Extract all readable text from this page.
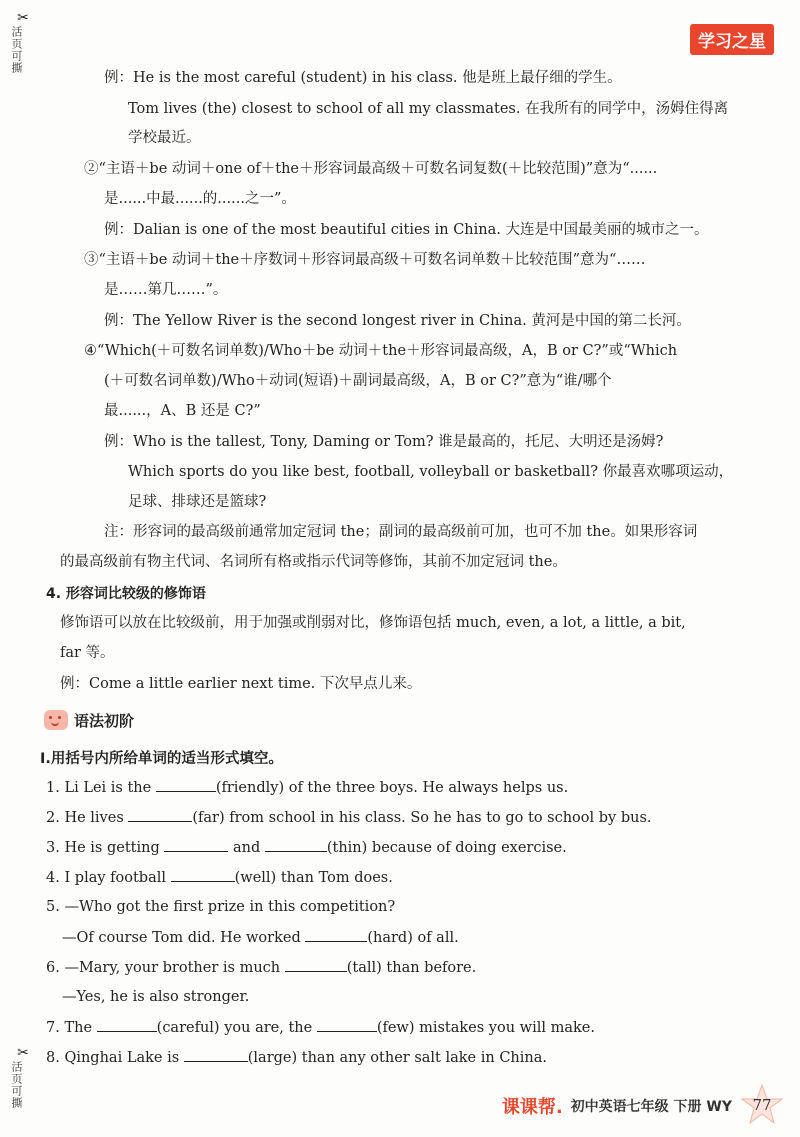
✂
活页可撕
✂
活页可撕
学习之星
例：He is the most careful (student) in his class. 他是班上最仔细的学生。
Tom lives (the) closest to school of all my classmates. 在我所有的同学中，汤姆住得离
学校最近。
②“主语＋be 动词＋one of＋the＋形容词最高级＋可数名词复数(＋比较范围)”意为“......
是......中最......的......之一”。
例：Dalian is one of the most beautiful cities in China. 大连是中国最美丽的城市之一。
③“主语＋be 动词＋the＋序数词＋形容词最高级＋可数名词单数＋比较范围”意为“……
是……第几……”。
例：The Yellow River is the second longest river in China. 黄河是中国的第二长河。
④“Which(＋可数名词单数)/Who＋be 动词＋the＋形容词最高级，A，B or C?”或“Which
(＋可数名词单数)/Who＋动词(短语)＋副词最高级，A，B or C?”意为“谁/哪个
最......，A、B 还是 C?”
例：Who is the tallest, Tony, Daming or Tom? 谁是最高的，托尼、大明还是汤姆?
Which sports do you like best, football, volleyball or basketball? 你最喜欢哪项运动，
足球、排球还是篮球?
注：形容词的最高级前通常加定冠词 the；副词的最高级前可加，也可不加 the。如果形容词
的最高级前有物主代词、名词所有格或指示代词等修饰，其前不加定冠词 the。
4. 形容词比较级的修饰语
修饰语可以放在比较级前，用于加强或削弱对比，修饰语包括 much, even, a lot, a little, a bit,
far 等。
例：Come a little earlier next time. 下次早点儿来。
语法初阶
Ⅰ.用括号内所给单词的适当形式填空。
1. Li Lei is the	(friendly) of the three boys. He always helps us.
2. He lives	(far) from school in his class. So he has to go to school by bus.
3. He is getting	and	(thin) because of doing exercise.
4. I play football	(well) than Tom does.
5. —Who got the first prize in this competition?
—Of course Tom did. He worked	(hard) of all.
6. —Mary, your brother is much	(tall) than before.
—Yes, he is also stronger.
7. The	(careful) you are, the	(few) mistakes you will make.
8. Qinghai Lake is	(large) than any other salt lake in China.
课课帮. 初中英语七年级 下册 WY	77
